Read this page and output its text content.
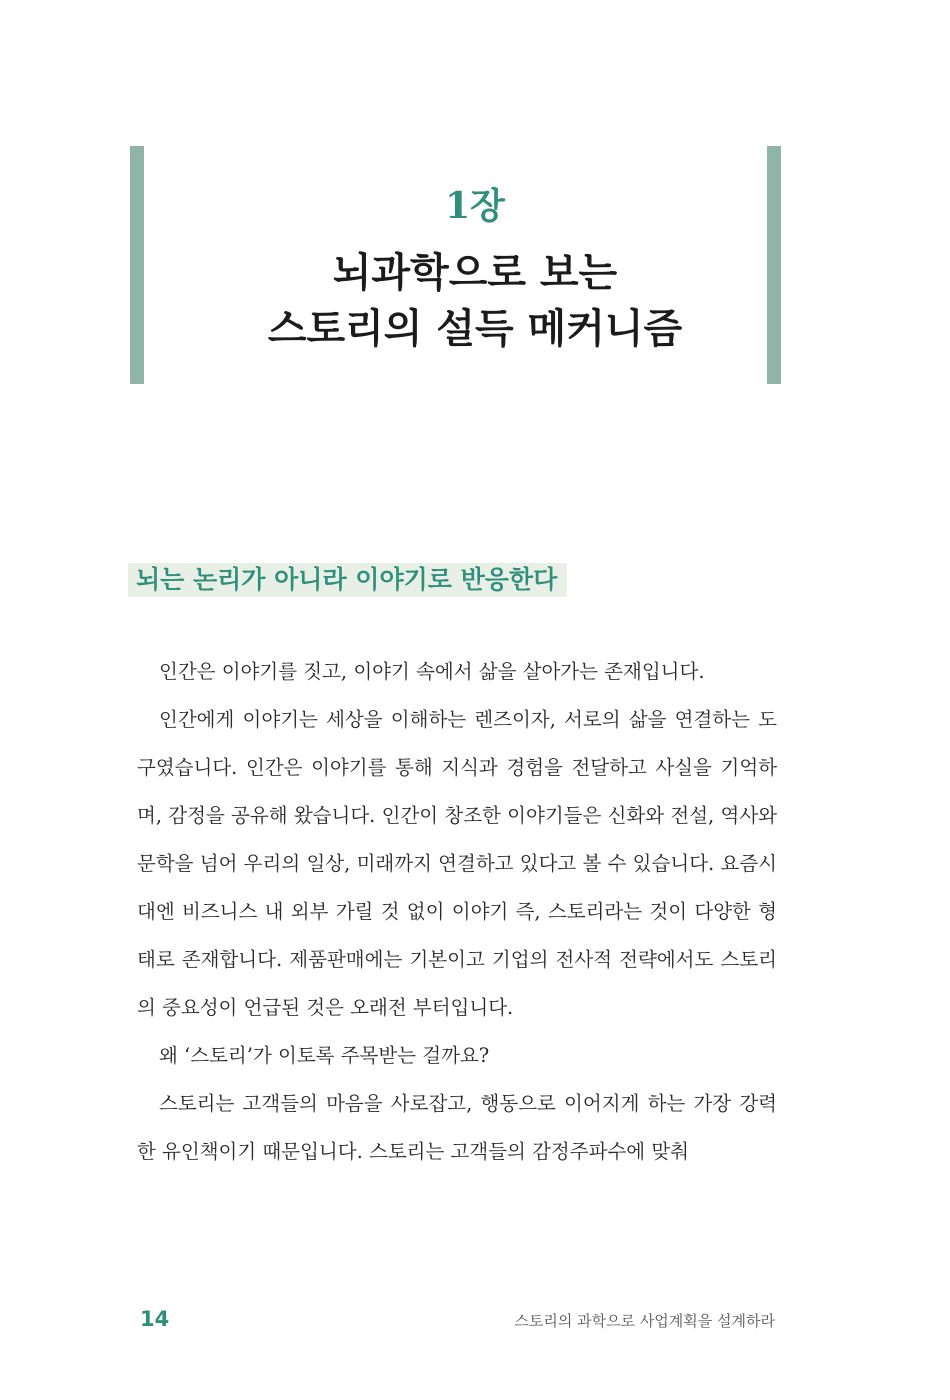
1장
뇌과학으로 보는
스토리의 설득 메커니즘
뇌는 논리가 아니라 이야기로 반응한다

인간은 이야기를 짓고, 이야기 속에서 삶을 살아가는 존재입니다.

인간에게 이야기는 세상을 이해하는 렌즈이자, 서로의 삶을 연결하는 도구였습니다. 인간은 이야기를 통해 지식과 경험을 전달하고 사실을 기억하며, 감정을 공유해 왔습니다. 인간이 창조한 이야기들은 신화와 전설, 역사와 문학을 넘어 우리의 일상, 미래까지 연결하고 있다고 볼 수 있습니다. 요즘시대엔 비즈니스 내 외부 가릴 것 없이 이야기 즉, 스토리라는 것이 다양한 형태로 존재합니다. 제품판매에는 기본이고 기업의 전사적 전략에서도 스토리의 중요성이 언급된 것은 오래전 부터입니다.

왜 ‘스토리’가 이토록 주목받는 걸까요?

스토리는 고객들의 마음을 사로잡고, 행동으로 이어지게 하는 가장 강력한 유인책이기 때문입니다. 스토리는 고객들의 감정주파수에 맞춰

14	스토리의 과학으로 사업계획을 설계하라
